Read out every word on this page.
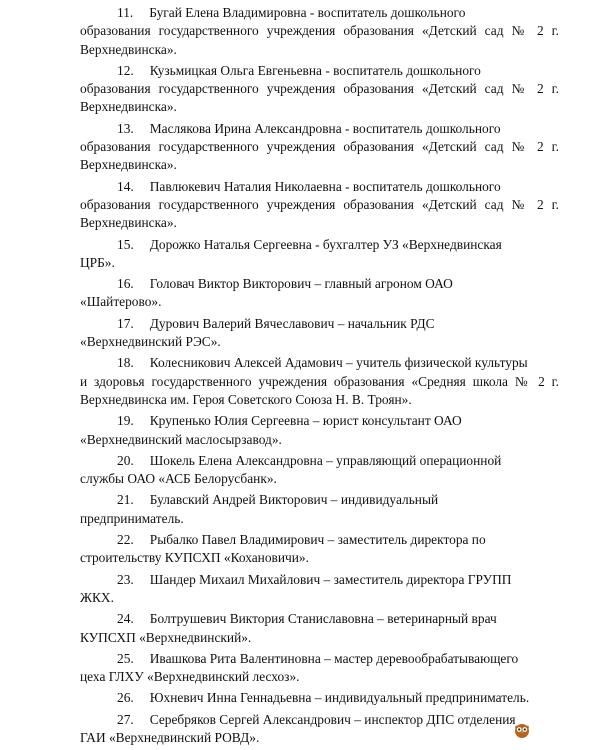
11. Бугай Елена Владимировна - воспитатель дошкольного
образования государственного учреждения образования «Детский сад № 2 г. Верхнедвинска».
12. Кузьмицкая Ольга Евгеньевна - воспитатель дошкольного
образования государственного учреждения образования «Детский сад № 2 г. Верхнедвинска».
13. Маслякова Ирина Александровна - воспитатель дошкольного
образования государственного учреждения образования «Детский сад № 2 г. Верхнедвинска».
14. Павлюкевич Наталия Николаевна - воспитатель дошкольного
образования государственного учреждения образования «Детский сад № 2 г. Верхнедвинска».
15. Дорожко Наталья Сергеевна - бухгалтер УЗ «Верхнедвинская
ЦРБ».
16. Головач Виктор Викторович – главный агроном ОАО
«Шайтерово».
17. Дурович Валерий Вячеславович – начальник РДС
«Верхнедвинский РЭС».
18. Колесникович Алексей Адамович – учитель физической культуры
и здоровья государственного учреждения образования «Средняя школа № 2 г. Верхнедвинска им. Героя Советского Союза Н. В. Троян».
19. Крупенько Юлия Сергеевна – юрист консультант ОАО
«Верхнедвинский маслосырзавод».
20. Шокель Елена Александровна – управляющий операционной
службы ОАО «АСБ Белорусбанк».
21. Булавский Андрей Викторович – индивидуальный
предприниматель.
22. Рыбалко Павел Владимирович – заместитель директора по
строительству КУПСХП «Кохановичи».
23. Шандер Михаил Михайлович – заместитель директора ГРУПП
ЖКХ.
24. Болтрушевич Виктория Станиславовна – ветеринарный врач
КУПСХП «Верхнедвинский».
25. Ивашкова Рита Валентиновна – мастер деревообрабатывающего
цеха ГЛХУ «Верхнедвинский лесхоз».
26. Юхневич Инна Геннадьевна – индивидуальный предприниматель.
27. Серебряков Сергей Александрович – инспектор ДПС отделения
ГАИ «Верхнедвинский РОВД».
